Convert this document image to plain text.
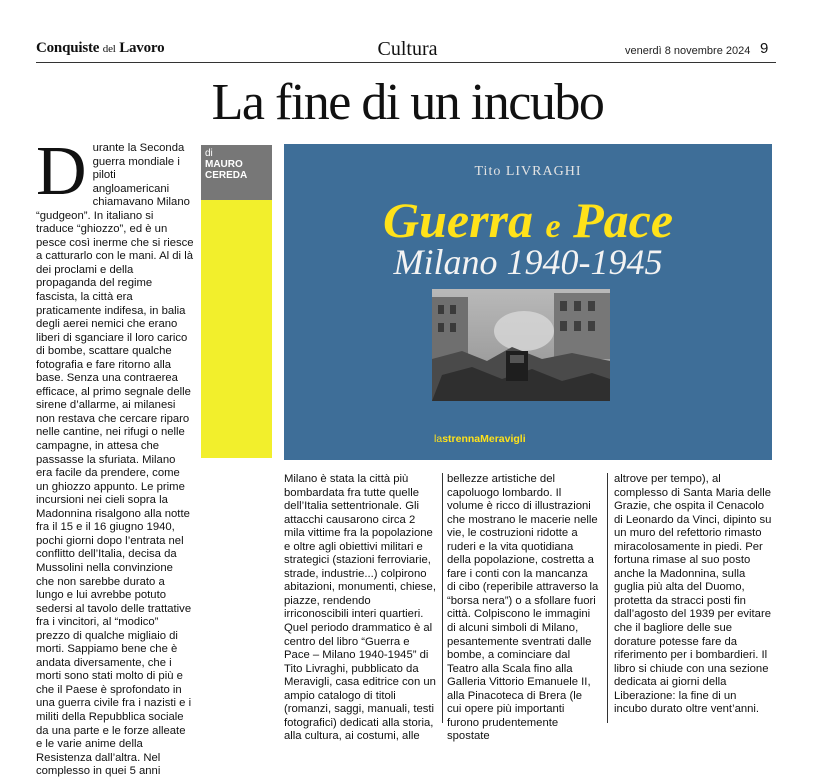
Conquiste del Lavoro	Cultura	venerdì 8 novembre 2024 9
La fine di un incubo
D urante la Seconda guerra mondiale i piloti angloamericani chiamavano Milano “gudgeon”. In italiano si traduce “ghiozzo”, ed è un pesce così inerme che si riesce a catturarlo con le mani. Al di là dei proclami e della propaganda del regime fascista, la città era praticamente indifesa, in balia degli aerei nemici che erano liberi di sganciare il loro carico di bombe, scattare qualche fotografia e fare ritorno alla base. Senza una contraerea efficace, al primo segnale delle sirene d’allarme, ai milanesi non restava che cercare riparo nelle cantine, nei rifugi o nelle campagne, in attesa che passasse la sfuriata. Milano era facile da prendere, come un ghiozzo appunto. Le prime incursioni nei cieli sopra la Madonnina risalgono alla notte fra il 15 e il 16 giugno 1940, pochi giorni dopo l’entrata nel conflitto dell’Italia, decisa da Mussolini nella convinzione che non sarebbe durato a lungo e lui avrebbe potuto sedersi al tavolo delle trattative fra i vincitori, al “modico” prezzo di qualche migliaio di morti. Sappiamo bene che è andata diversamente, che i morti sono stati molto di più e che il Paese è sprofondato in una guerra civile fra i nazisti e i militi della Repubblica sociale da una parte e le forze alleate e le varie anime della Resistenza dall’altra. Nel complesso in quei 5 anni

di
MAURO
CEREDA	Tito LIVRAGHI
Guerra e Pace
Milano 1940-1945
lastrennaMeravigli

Milano è stata la città più bombardata fra tutte quelle dell’Italia settentrionale. Gli attacchi causarono circa 2 mila vittime fra la popolazione e oltre agli obiettivi militari e strategici (stazioni ferroviarie, strade, industrie...) colpirono abitazioni, monumenti, chiese, piazze, rendendo irriconoscibili interi quartieri. Quel periodo drammatico è al centro del libro “Guerra e Pace – Milano 1940-1945” di Tito Livraghi, pubblicato da Meravigli, casa editrice con un ampio catalogo di titoli (romanzi, saggi, manuali, testi fotografici) dedicati alla storia, alla cultura, ai costumi, alle

bellezze artistiche del capoluogo lombardo. Il volume è ricco di illustrazioni che mostrano le macerie nelle vie, le costruzioni ridotte a ruderi e la vita quotidiana della popolazione, costretta a fare i conti con la mancanza di cibo (reperibile attraverso la “borsa nera”) o a sfollare fuori città. Colpiscono le immagini di alcuni simboli di Milano, pesantemente sventrati dalle bombe, a cominciare dal Teatro alla Scala fino alla Galleria Vittorio Emanuele II, alla Pinacoteca di Brera (le cui opere più importanti furono prudentemente spostate

altrove per tempo), al complesso di Santa Maria delle Grazie, che ospita il Cenacolo di Leonardo da Vinci, dipinto su un muro del refettorio rimasto miracolosamente in piedi. Per fortuna rimase al suo posto anche la Madonnina, sulla guglia più alta del Duomo, protetta da stracci posti fin dall’agosto del 1939 per evitare che il bagliore delle sue dorature potesse fare da riferimento per i bombardieri. Il libro si chiude con una sezione dedicata ai giorni della Liberazione: la fine di un incubo durato oltre vent’anni.
